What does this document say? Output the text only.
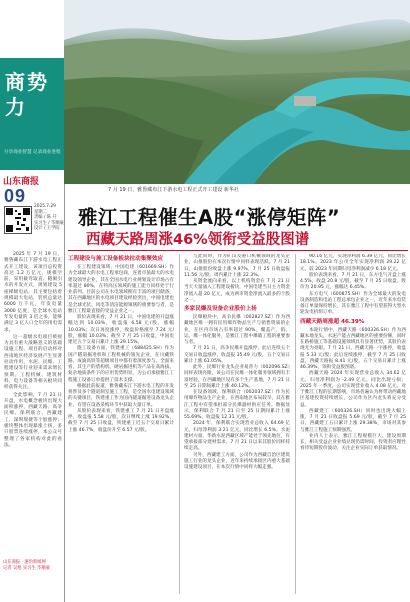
7 月 19 日，雅鲁藏布江下游水电工程正式开工建设 新华社
商势力
分享商业智慧 记录商业进程
山东商报
09
2025.7.29
星期二
责编 / 陈 开
实习生 / 毕顺豪
设计 / 王学院

2025 年 7 月 19 日，雅鲁藏布江下游水电工程正式开工建设，该项目总投资高达 1.2 万亿元，规模空前，采用截弯取直、隧洞引水的开发方式，规划建设 5 座梯级电站，其主要包括着规模最大电站，装机总量达 6000 万千瓦，年发电量 3000 亿度，是全球水电站年发电量的 3 倍之多，能够满足 3 亿人口全年的用电需求。

这一超级水电项目被视为具有重大战略意义的基础设施工程。项目的启动将对西南地区经济发展产生显著拉动作用，水泥、民爆、工程建设等行业迎来需求增长预期。工程机械、建筑材料、电力设备等相关板块同样获得关注。

全此影响，7 月 21 日开盘，水电概念板块出现大面积涨停，西藏天路、高争民爆、保利联合、西藏建工、深圳瑞捷等个股涨停；板块整体出现暴涨上扬，多只股票连续涨停，本公众号整理了各家机构对此的看法。

山东商报 · 速豹新闻网
记者 吴旭 实习生 毕顺豪
雅江工程催生A股“涨停矩阵”
西藏天路周涨46%领衔受益股图谱
工程建设与施工设备板块拉动集聚效应

在工程建设领域，中国电建（601669.SH）作为全球最大的水电工程承包商，连着市值最大的水电建设领导企业，其在全国水电行业规划设计市场占有率超过 80%，在特高压领域的施工能力同样处于行业前列。目前公司在水电领域拥有丰富的项目储备，其在西藏地区的水电项目建设经验突出，中国电建也是全球光伏、风电等清洁能源领域的重要参与者，是雅江工程最直接的受益企业之一。

股价表现来看，7 月 21 日，中国电建的开盘涨幅达到 10.03%，收盘报 6.58 元/股，涨幅 10.03%；次日再度涨停，收盘价格涨至 7.24 元/股，涨幅 10.03%；截至 7 月 25 日收盘，中国电建近五个交易日累计上涨 29.15%。

施工设备方面，铁建重工（688425.SH）作为国产隧道掘进机和工程机械的领先企业，在川藏铁路、成渝高铁等超级项目中都有着深度参与。全面来看，其生产的盾构机、硬岩掘进机等产品在高海拔、复杂地质条件下的应用优势明显，为公司承接雅江工程施工设备订单提供了技术支撑。

根据此前报道，雅鲁藏布江下游水电工程的开发将涉及多个隧道洞室施工工程，是全国水电建设领域的关键项目，铁建重工作为国内隧道掘进设备龙头企业，有望在设备采购环节中获取大量订单。

从股价表现来看，铁建重工 7 月 21 日开盘涨停，收盘报 5.58 元/股，次日继续上涨 19.92%，截至 7 月 25 日收盘，铁建重工近五个交易日累计上涨 46.7%，收盘价升至 6.57 元/股。

与此同时，作为矿山及港口机械领域的龙头企业，山推股份在本次行情中同样表现活跃。7 月 21 日，山推股份收盘上涨 9.97%，7 月 25 日收盘报 11.56 元/股，周内累计上涨 22.3%。

从资金流向来看，以上机构资金在 7 月 21 日当天大量涌入工程建设板块，中国电建当日主力资金净流入超 20 亿元，成为两市资金净流入最多的个股之一。

多家民爆及设备企业股价上扬

民爆板块中，高争民爆（002827.SZ）作为西藏地区唯一拥有民用爆炸物品生产与销售资质的企业，在区内市场占有率超过 90%，覆盖产、销、运、爆一体化服务，是雅江工程中爆破工程的重要参与者。

7 月 21 日，高争民爆开盘涨停，此后连续五个交易日收盘涨停，收盘报 35.49 元/股，五个交易日累计上涨 61.05%。

此外，民爆行业龙头企业易普力（002096.SZ）同样表现亮眼，该公司在民爆一体化服务领域拥有丰富经验，在西藏地区设有多个生产基地，7 月 21 日至 25 日期间累计上涨 40.12%。

在设备领域，保利联合（002037.SZ）作为民用爆炸物品生产企业，在西南地区布局较早，其在雅江工程中有望承担部分民爆器材供应任务。数据显示，保利联合 7 月 21 日至 25 日期间累计上涨 55.69%，收盘报 12.31 元/股。

2024 年，保利联合实现营业总收入 64.69 亿元，归母净利润 3.21 亿元，同比增长 6.5%。水泥建材方面，华新水泥西藏区域产能处于领先地位，有望承接部分建材需求，7 月 21 日以来其股价同样持续走高。

另外，西藏建工方面，公司作为西藏自治区建筑施工行业的龙头企业，近年来持续承接区内重大基础设施建设项目，在本次行情中同样大幅走强。

90.16 亿元，实现净利润 6.39 亿元，同比增长 18.1%。2023 年公司全年实现净利润 29.22 亿元，较 2023 年同期归母净利润减少 6.18 亿元。

股价表现来看，7 月 21 日，东方电气开盘上涨 4.5%，收盘 20.8 元/股，截至 7 月 25 日收盘，股价为 20.95 元，涨幅达 6.45%。

东方电气（600875.SH）作为全球最大的发电设备制造和电站工程总承包企业之一，近年来水电装备订单量保持增长，其在雅江工程中有望获得大型水轮发电机组订单。

西藏天路周涨超 46.39%

本轮行情中，西藏天路（600326.SH）作为西藏本地龙头，水泥产能占西藏地区的重要份额，同时在路桥施工等基础设施领域具有显著优势，其股价表现尤为亮眼。7 月 21 日，西藏天路一字涨停，收盘报 5.33 元/股；此后连续涨停，截至 7 月 25 日收盘，西藏天路报 8.41 元/股，五个交易日累计上涨 46.39%，领衔受益股图谱。

西藏天路 2024 年实现营业总收入 34.62 亿元，归母净利润为 -2.49 亿元，同比出现亏损；2025 年一季度，公司实现营业收入 4.08 亿元。对于雅江工程的长期影响，市场普遍认为将带动西藏地区基建投资持续增长，公司作为区内龙头将充分受益。

西藏建工（600326.SH）同时也出现大幅上涨，7 月 21 日收盘报 5.69 元/股，截至 7 月 25 日，西藏建工五日累计上涨 29.38%，市场对其参与雅江工程施工预期强烈。

业内人士表示，雅江工程规模巨大、建设周期长，相关受益企业业绩兑现仍需时间，投资者应理性看待短期股价波动，关注企业实际订单获取情况。
